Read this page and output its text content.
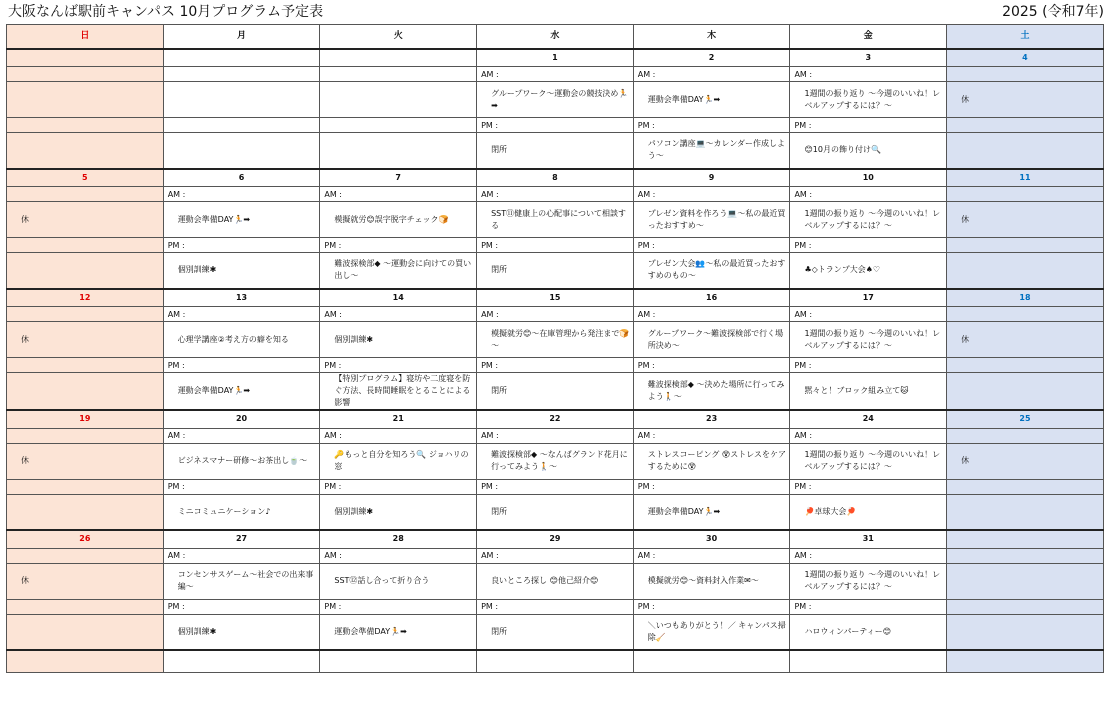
大阪なんば駅前キャンパス 10月プログラム予定表	2025 (令和7年)
日	月	火	水	木	金	土
			1	2	3	4
			AM :	AM :	AM :	
			グループワーク～運動会の競技決め🏃➡	運動会準備DAY🏃➡	1週間の振り返り ～今週のいいね！レベルアップするには？～	休
			PM :	PM :	PM :	
			閉所	パソコン講座💻～カレンダー作成しよう～	😊10月の飾り付け🔍	
5	6	7	8	9	10	11
	AM :	AM :	AM :	AM :	AM :	
休	運動会準備DAY🏃➡	模擬就労😊誤字脱字チェック🍞	SST⑪健康上の心配事について相談する	プレゼン資料を作ろう💻～私の最近買ったおすすめ～	1週間の振り返り ～今週のいいね！レベルアップするには？～	休
	PM :	PM :	PM :	PM :	PM :	
	個別訓練✱	難波探検部◆ ～運動会に向けての買い出し～	閉所	プレゼン大会👥～私の最近買ったおすすめのもの～	♣◇トランプ大会♠♡	
12	13	14	15	16	17	18
	AM :	AM :	AM :	AM :	AM :	
休	心理学講座②考え方の癖を知る	個別訓練✱	模擬就労😊～在庫管理から発注まで🍞～	グループワーク～難波探検部で行く場所決め～	1週間の振り返り ～今週のいいね！レベルアップするには？～	休
	PM :	PM :	PM :	PM :	PM :	
	運動会準備DAY🏃➡	【特別プログラム】寝坊や二度寝を防ぐ方法、長時間睡眠をとることによる影響	閉所	難波探検部◆ ～決めた場所に行ってみよう🚶～	黙々と！ブロック組み立て🐱	
19	20	21	22	23	24	25
	AM :	AM :	AM :	AM :	AM :	
休	ビジネスマナー研修～お茶出し🍵～	🔑もっと自分を知ろう🔍 ジョハリの窓	難波探検部◆ ～なんばグランド花月に行ってみよう🚶～	ストレスコーピング 😵ストレスをケアするために😵	1週間の振り返り ～今週のいいね！レベルアップするには？～	休
	PM :	PM :	PM :	PM :	PM :	
	ミニコミュニケーション♪	個別訓練✱	閉所	運動会準備DAY🏃➡	🏓卓球大会🏓	
26	27	28	29	30	31	
	AM :	AM :	AM :	AM :	AM :	
休	コンセンサスゲーム～社会での出来事編～	SST⑫話し合って折り合う	良いところ探し 😊他己紹介😊	模擬就労😊～資料封入作業✉～	1週間の振り返り ～今週のいいね！レベルアップするには？～	
	PM :	PM :	PM :	PM :	PM :	
	個別訓練✱	運動会準備DAY🏃➡	閉所	＼いつもありがとう！／ キャンパス掃除🧹	ハロウィンパーティー😊	
